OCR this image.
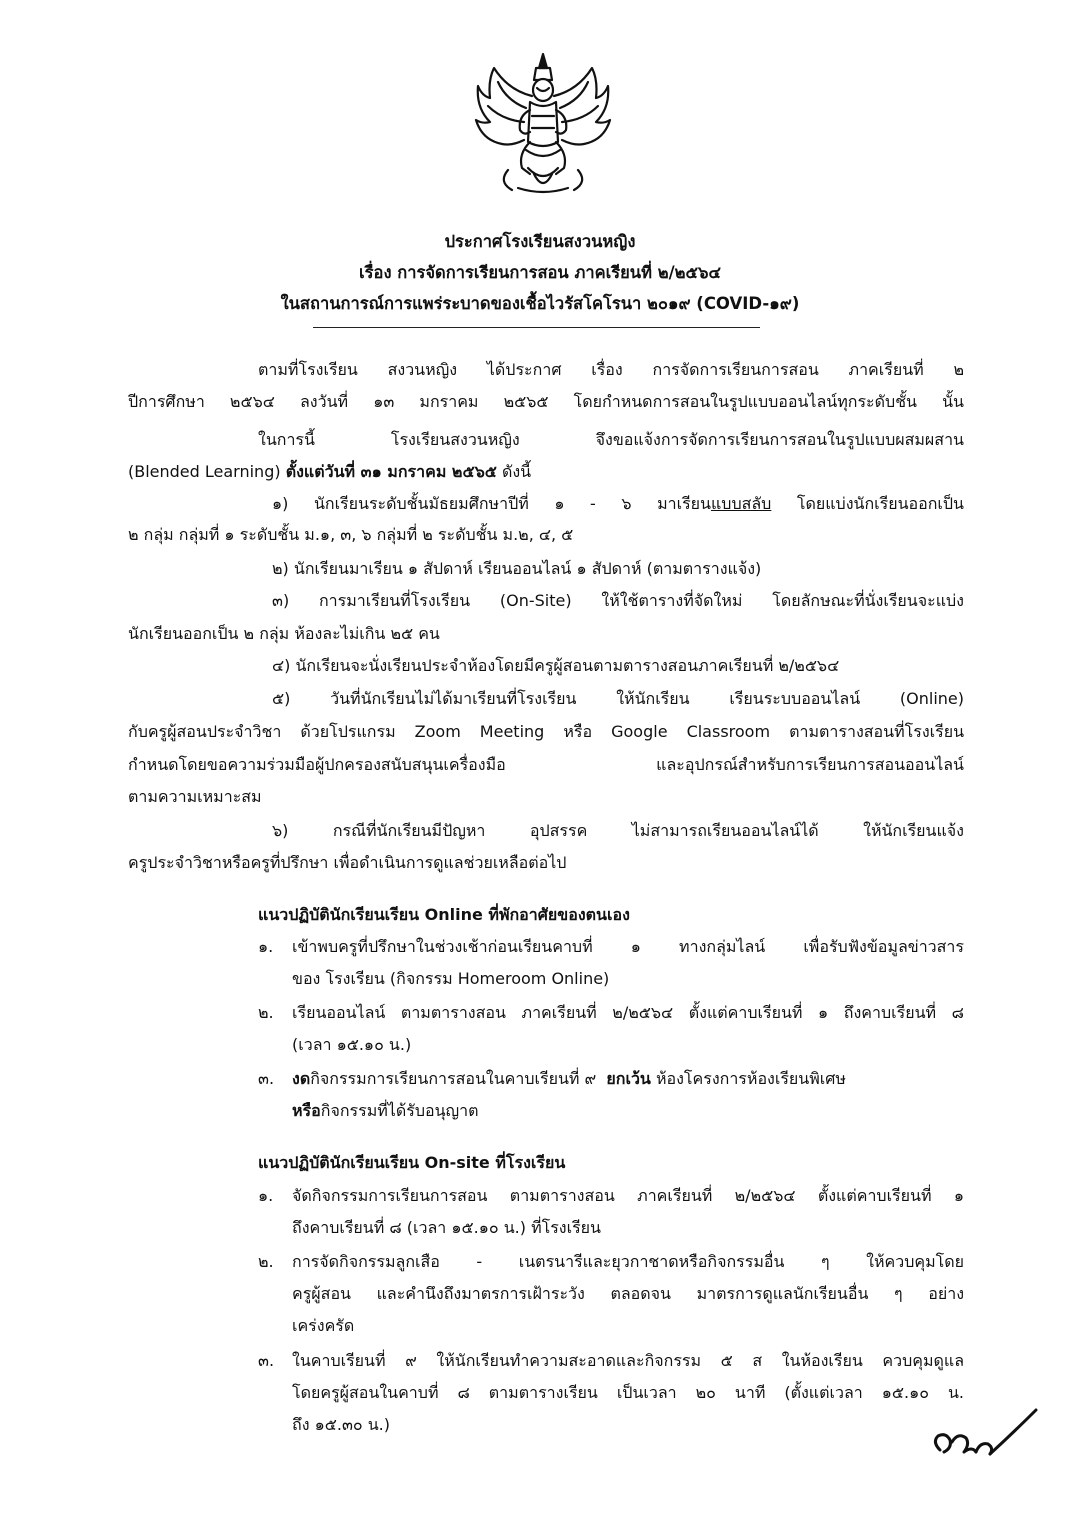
ประกาศโรงเรียนสงวนหญิง
เรื่อง การจัดการเรียนการสอน ภาคเรียนที่ ๒/๒๕๖๔
ในสถานการณ์การแพร่ระบาดของเชื้อไวรัสโคโรนา ๒๐๑๙ (COVID-๑๙)
ตามที่โรงเรียน สงวนหญิง ได้ประกาศ เรื่อง การจัดการเรียนการสอน ภาคเรียนที่ ๒
ปีการศึกษา ๒๕๖๔ ลงวันที่ ๑๓ มกราคม ๒๕๖๕ โดยกำหนดการสอนในรูปแบบออนไลน์ทุกระดับชั้น นั้น
ในการนี้ โรงเรียนสงวนหญิง จึงขอแจ้งการจัดการเรียนการสอนในรูปแบบผสมผสาน
(Blended Learning) ตั้งแต่วันที่ ๓๑ มกราคม ๒๕๖๕ ดังนี้
๑) นักเรียนระดับชั้นมัธยมศึกษาปีที่ ๑ - ๖ มาเรียนแบบสลับ โดยแบ่งนักเรียนออกเป็น
๒ กลุ่ม กลุ่มที่ ๑ ระดับชั้น ม.๑, ๓, ๖ กลุ่มที่ ๒ ระดับชั้น ม.๒, ๔, ๕
๒) นักเรียนมาเรียน ๑ สัปดาห์ เรียนออนไลน์ ๑ สัปดาห์ (ตามตารางแจ้ง)
๓) การมาเรียนที่โรงเรียน (On-Site) ให้ใช้ตารางที่จัดใหม่ โดยลักษณะที่นั่งเรียนจะแบ่ง
นักเรียนออกเป็น ๒ กลุ่ม ห้องละไม่เกิน ๒๕ คน
๔) นักเรียนจะนั่งเรียนประจำห้องโดยมีครูผู้สอนตามตารางสอนภาคเรียนที่ ๒/๒๕๖๔
๕) วันที่นักเรียนไม่ได้มาเรียนที่โรงเรียน ให้นักเรียน เรียนระบบออนไลน์ (Online)
กับครูผู้สอนประจำวิชา ด้วยโปรแกรม Zoom Meeting หรือ Google Classroom ตามตารางสอนที่โรงเรียน
กำหนดโดยขอความร่วมมือผู้ปกครองสนับสนุนเครื่องมือ และอุปกรณ์สำหรับการเรียนการสอนออนไลน์
ตามความเหมาะสม
๖) กรณีที่นักเรียนมีปัญหา อุปสรรค ไม่สามารถเรียนออนไลน์ได้ ให้นักเรียนแจ้ง
ครูประจำวิชาหรือครูที่ปรึกษา เพื่อดำเนินการดูแลช่วยเหลือต่อไป
แนวปฏิบัตินักเรียนเรียน Online ที่พักอาศัยของตนเอง
๑. เข้าพบครูที่ปรึกษาในช่วงเช้าก่อนเรียนคาบที่ ๑ ทางกลุ่มไลน์ เพื่อรับฟังข้อมูลข่าวสาร
ของ โรงเรียน (กิจกรรม Homeroom Online)
๒. เรียนออนไลน์ ตามตารางสอน ภาคเรียนที่ ๒/๒๕๖๔ ตั้งแต่คาบเรียนที่ ๑ ถึงคาบเรียนที่ ๘
(เวลา ๑๕.๑๐ น.)
๓. งดกิจกรรมการเรียนการสอนในคาบเรียนที่ ๙ ยกเว้น ห้องโครงการห้องเรียนพิเศษ
หรือกิจกรรมที่ได้รับอนุญาต
แนวปฏิบัตินักเรียนเรียน On-site ที่โรงเรียน
๑. จัดกิจกรรมการเรียนการสอน ตามตารางสอน ภาคเรียนที่ ๒/๒๕๖๔ ตั้งแต่คาบเรียนที่ ๑
ถึงคาบเรียนที่ ๘ (เวลา ๑๕.๑๐ น.) ที่โรงเรียน
๒. การจัดกิจกรรมลูกเสือ - เนตรนารีและยุวกาชาดหรือกิจกรรมอื่น ๆ ให้ควบคุมโดย
ครูผู้สอน และคำนึงถึงมาตรการเฝ้าระวัง ตลอดจน มาตรการดูแลนักเรียนอื่น ๆ อย่าง
เคร่งครัด
๓. ในคาบเรียนที่ ๙ ให้นักเรียนทำความสะอาดและกิจกรรม ๕ ส ในห้องเรียน ควบคุมดูแล
โดยครูผู้สอนในคาบที่ ๘ ตามตารางเรียน เป็นเวลา ๒๐ นาที (ตั้งแต่เวลา ๑๕.๑๐ น.
ถึง ๑๕.๓๐ น.)
